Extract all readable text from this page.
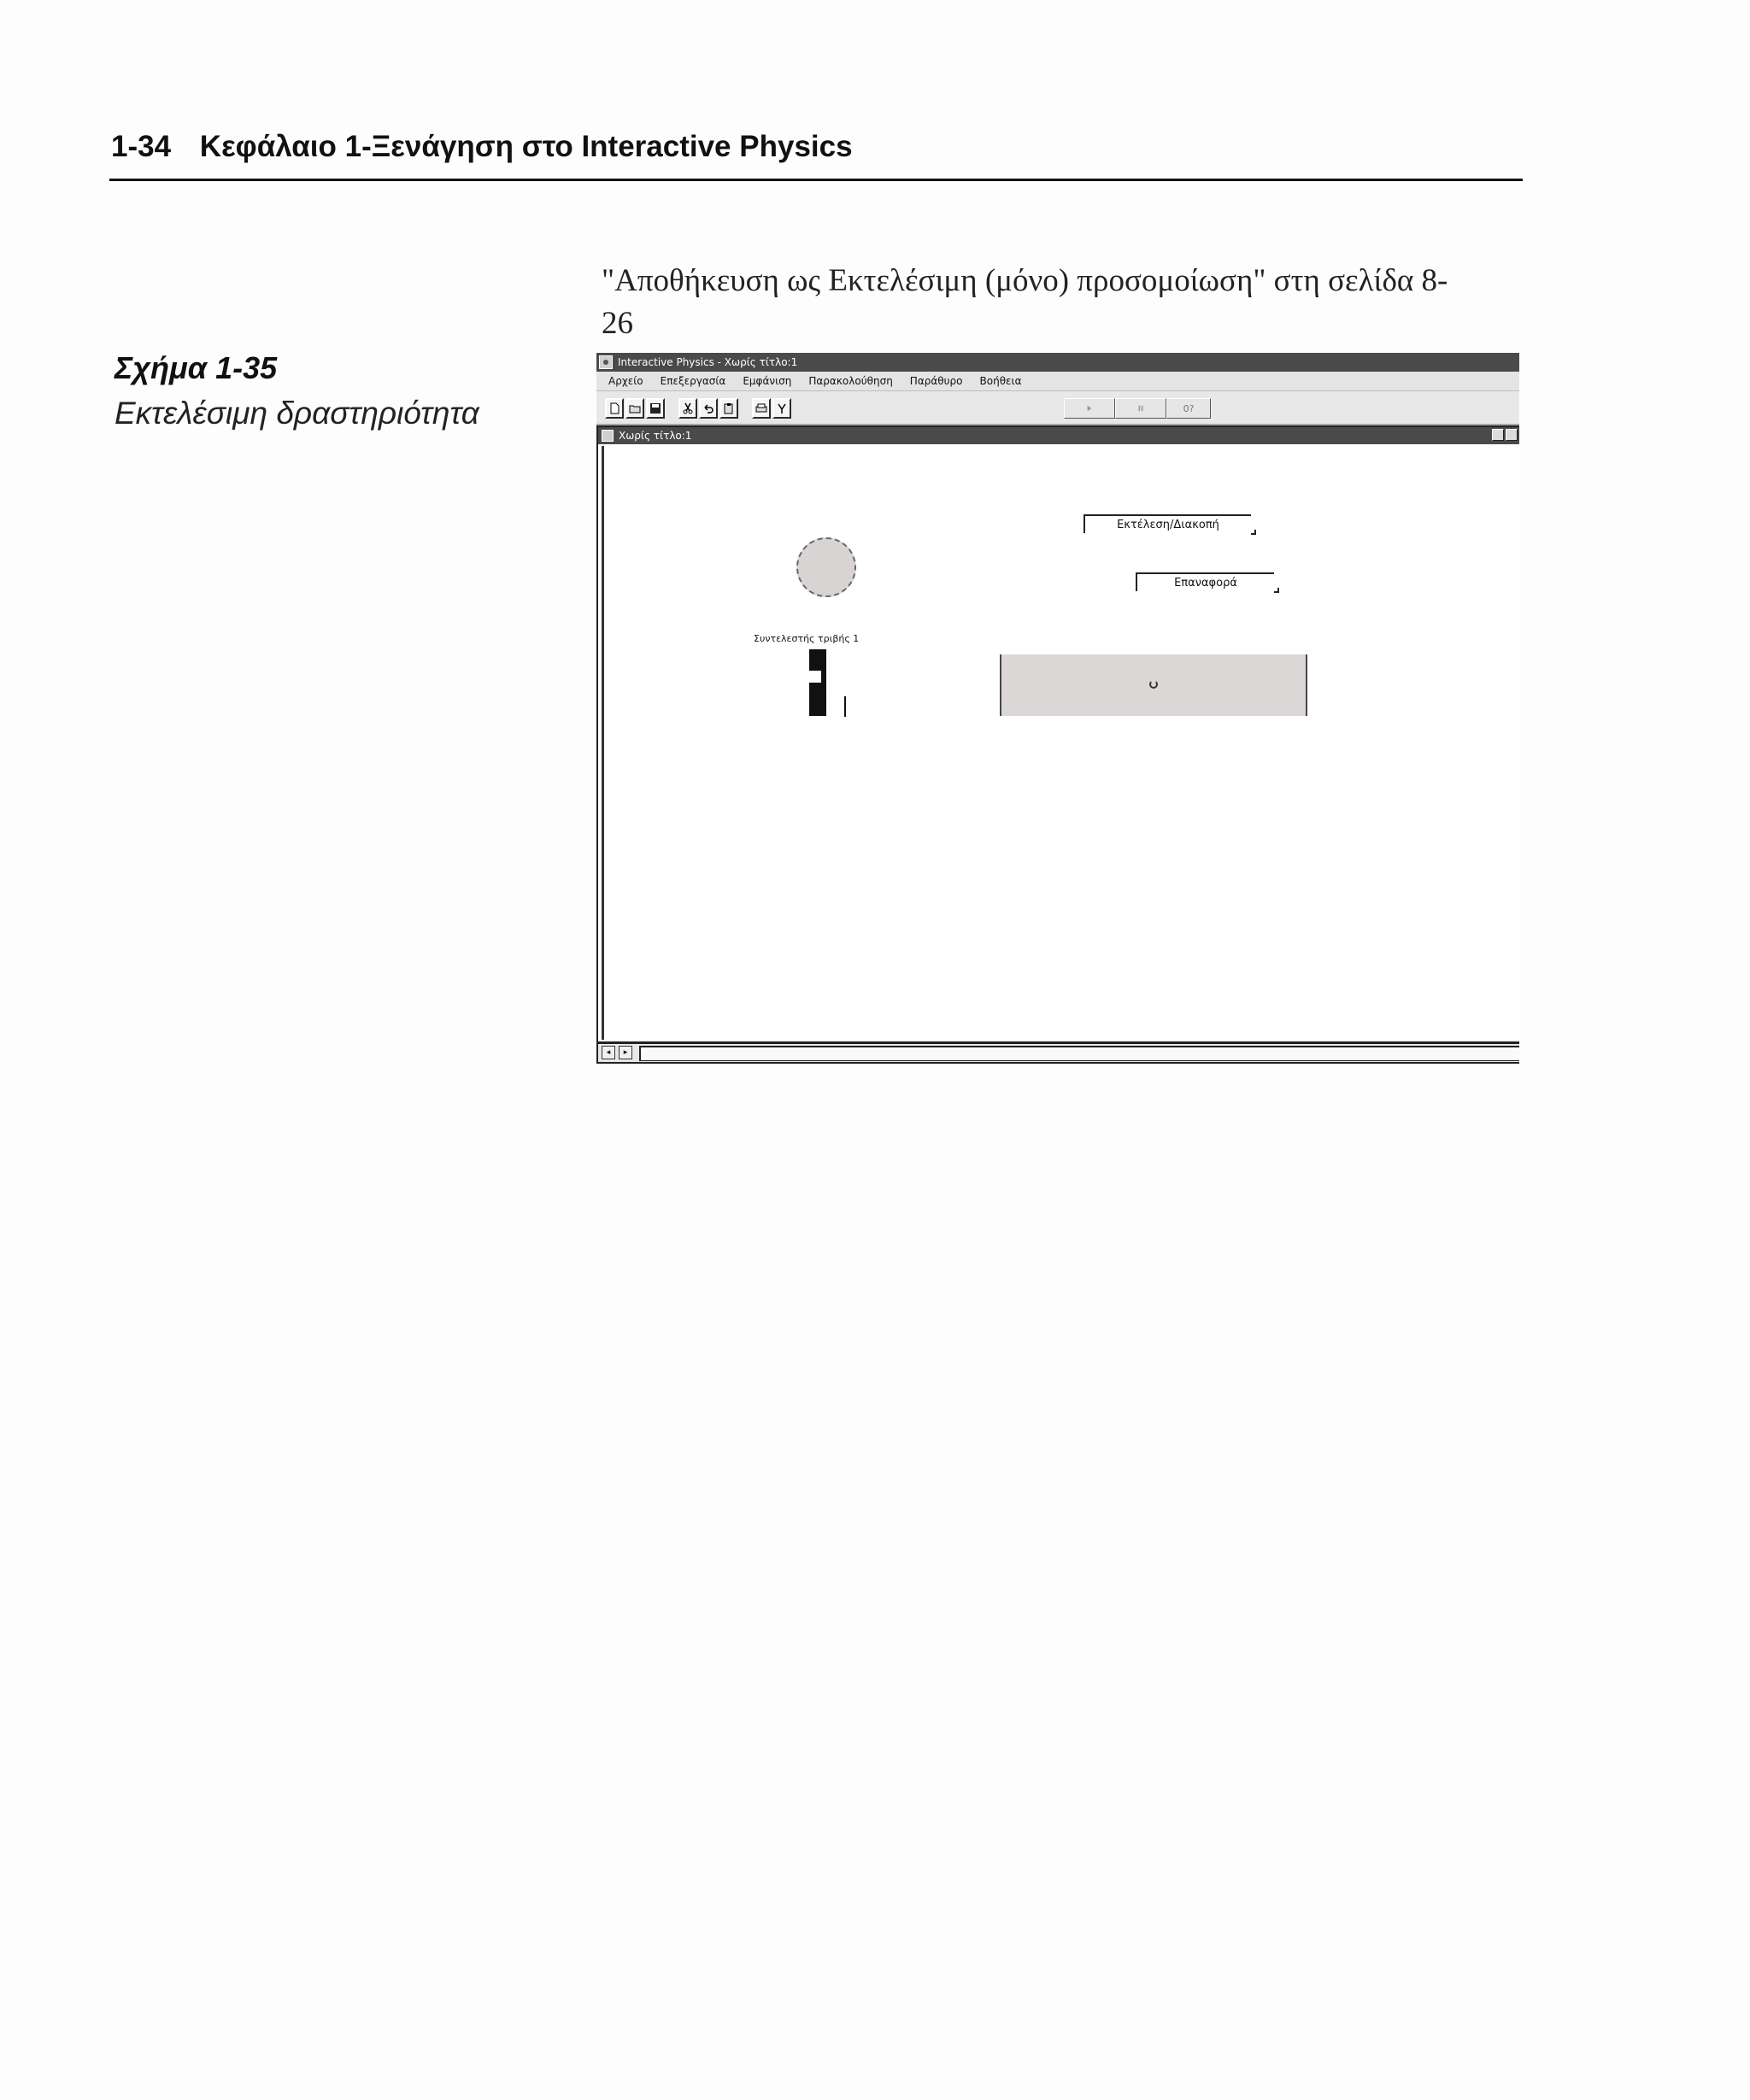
1-34 Κεφάλαιο 1-Ξενάγηση στο Interactive Physics
"Αποθήκευση ως Εκτελέσιμη (μόνο) προσομοίωση" στη σελίδα 8-
26
Σχήμα 1-35
Εκτελέσιμη δραστηριότητα
Interactive Physics - Χωρίς τίτλο:1
Αρχείο	Επεξεργασία	Εμφάνιση	Παρακολούθηση	Παράθυρο	Βοήθεια
0?
Χωρίς τίτλο:1
Εκτέλεση/Διακοπή
Επαναφορά
Συντελεστής τριβής 1
0
◂	▸
